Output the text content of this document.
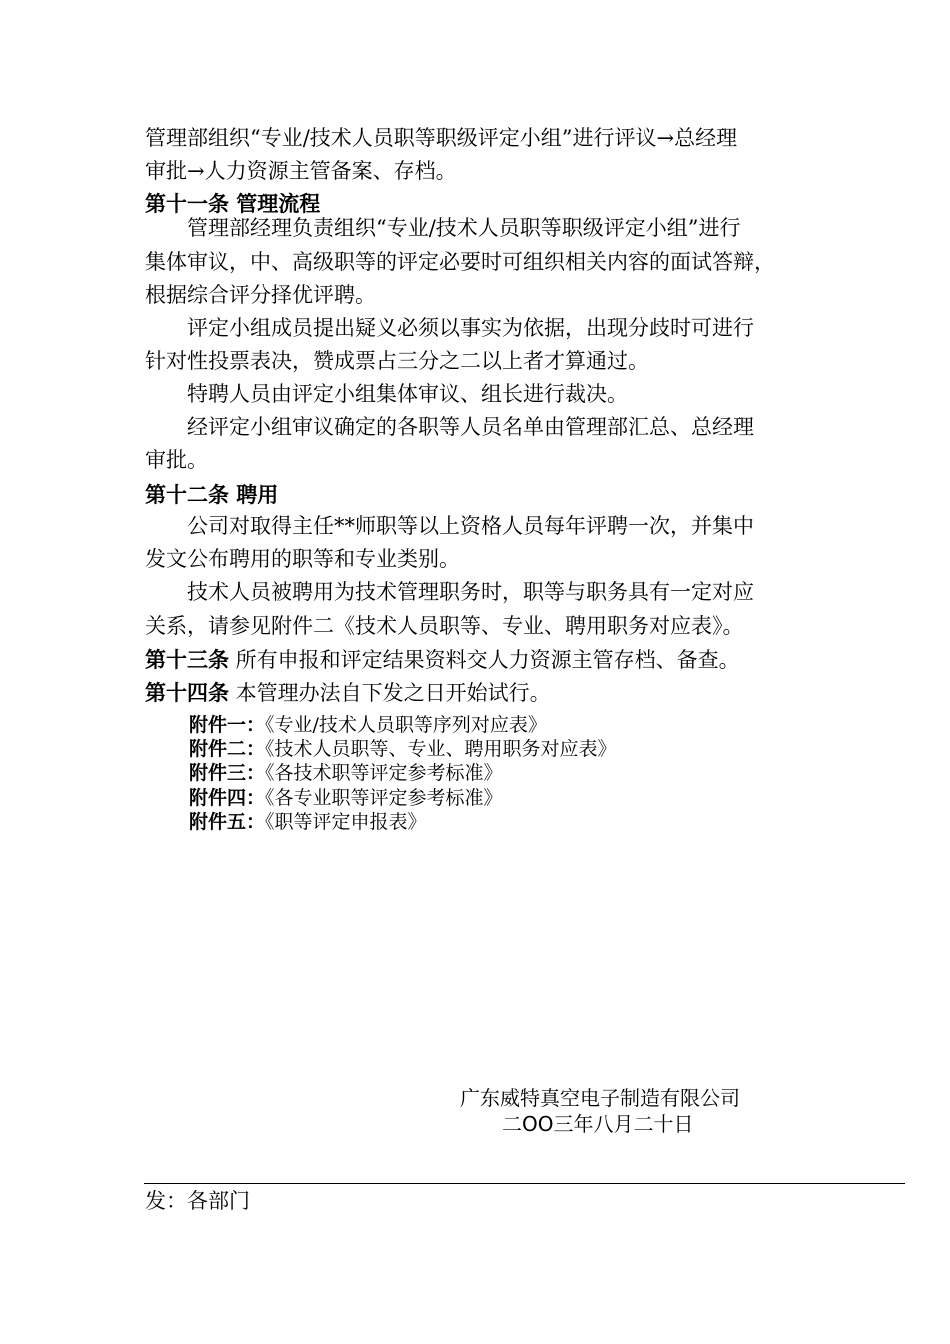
管理部组织“专业/技术人员职等职级评定小组”进行评议→总经理
审批→人力资源主管备案、存档。
第十一条 管理流程
管理部经理负责组织“专业/技术人员职等职级评定小组”进行
集体审议，中、高级职等的评定必要时可组织相关内容的面试答辩，
根据综合评分择优评聘。
评定小组成员提出疑义必须以事实为依据，出现分歧时可进行
针对性投票表决，赞成票占三分之二以上者才算通过。
特聘人员由评定小组集体审议、组长进行裁决。
经评定小组审议确定的各职等人员名单由管理部汇总、总经理
审批。
第十二条 聘用
公司对取得主任**师职等以上资格人员每年评聘一次，并集中
发文公布聘用的职等和专业类别。
技术人员被聘用为技术管理职务时，职等与职务具有一定对应
关系，请参见附件二《技术人员职等、专业、聘用职务对应表》。
第十三条 所有申报和评定结果资料交人力资源主管存档、备查。
第十四条 本管理办法自下发之日开始试行。
附件一：《专业/技术人员职等序列对应表》
附件二：《技术人员职等、专业、聘用职务对应表》
附件三：《各技术职等评定参考标准》
附件四：《各专业职等评定参考标准》
附件五：《职等评定申报表》
广东威特真空电子制造有限公司
二OO三年八月二十日
发：各部门
